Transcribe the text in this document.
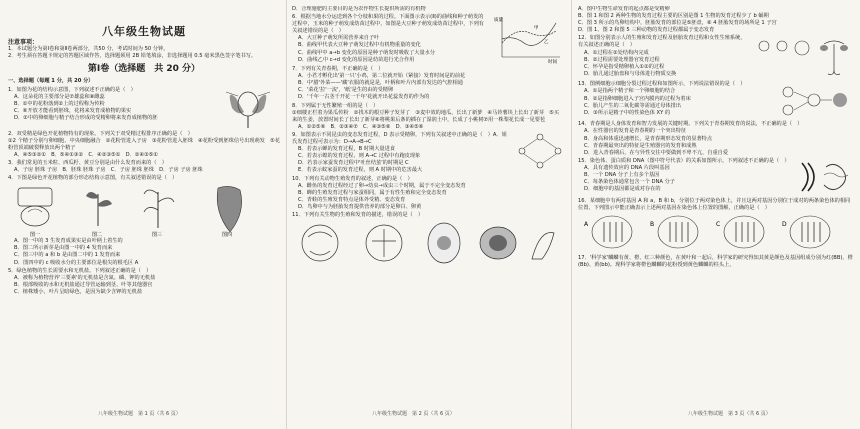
八年级生物试题

注意事项：

1．本试题分为第Ⅰ卷和第Ⅱ卷两部分，共50 分，考试时间为 50 分钟。

2．考生须在答题卡规定的答题区域作答，选择题须用 2B 铅笔填涂，非选择题用 0.5 毫米黑色签字笔书写。

第Ⅰ卷（选择题　共 20 分）

一、选择题（每题 1 分，共 20 分）

1．如图为花的结构示意图，下列叙述不正确的是（　）

A．这朵花的主要部分是⑦雄蕊和⑧雌蕊

B．①中的花粉落到②上的过程称为传粉

C．⑥开放才能看到胚珠，花将来发育成植物的果实

D．②中的卵细胞与精子结合形成的受精卵将来发育成植物的胚

2．双受精是绿色开花植物特有的现象。下列关于双受精过程排序正确的是（　）

①2 个精子分别与卵细胞、中央细胞融合　②花粉管进入子房　③花粉管进入胚珠　④花粉受到胚珠信号出现萌发　⑤花粉管顶端破裂释放出两个精子

A．④⑤③②①　B．⑤④①③②　C．④②③⑤①　D．②④③⑤①

3．我们常见的玉米粒、西瓜籽、黄豆分别是由什么发育而来的（　）

A．子房 胚珠 子房　B．胚珠 胚珠 子房　C．子房 胚珠 胚珠　D．子房 子房 胚珠

4．下图是绿色开花植物的部分形态结构示意图，有关叙述错误的是（　）

图一	图二	图三	图四

A．图一中的 3 生发育成果实是由叶柄上着生的

B．图二所示新芽是由图一中的 4 发育而来

C．图三中的 a 和 b 是由图二中的 1 发育而来

D．图四中的 c 吸收水分的主要部位是根尖的根毛区 A

5．绿色植物的生长需要水和无机盐。下列叙述正确的是（　）

A．被称为植物营养'三要素'的无机盐是含氮、磷、钾的无机盐

B．根部吸收的水和无机盐通过导管运输到茎、叶等其他器官

C．植株矮小，叶片呈暗绿色，是因为缺少含钾的无机盐

八年级生物试题　第 1 页（共 6 页）

D．合理施肥的主要目的是为农作物生长提供所需的有机物

6．根据当地水分运送到各个分枝和果的过程。下面图示表示(Ⅱ)的曲线和种子萌发的过程中，玉米的种子萌发成幼苗过程中，如图是大豆种子萌发成幼苗过程中，下列有关叙述错误的是（　）

A．大豆种子萌发所需营养来自子叶

B．曲线甲代表大豆种子萌发过程中有机物重量的变化

C．曲线甲中 a→b 变化的原因是种子萌发时吸收了大量水分

D．曲线乙中 c→d 变化的原因是幼苗进行光合作用

质量
甲
乙
时间

7．下列有关青春期，不正确的是（　）

A．小君才孵化出'第一只'小鸡，第二位就开始（紧接）发育时间是的前花

B．中'腊'外菜——'藏'衣服的就是是，叶柄和叶片内部有发达的气腔相通

C．'菜花'拉'一流'，'纸'是生的由的受精卵

D．'千年一古茎千开花一千年'花就开出花蕊发育的作为的

8．下列属于无性繁殖一组的是（　）

①细楼正栏着为果瓜传粉　②找木的根豆种子发芽了　③麦中效的地瓜，长出了新萝　④马铃薯块上长出了新芽　⑤买来的生姜，放置时间长了长出了新芽⑥将桃果后条的插在了湿润土中，长成了小桃树⑦用一株梨花长成一见要苞

A．①②⑤⑥　B．②③④⑦　C．④③⑤⑥　D．③④⑤⑥

9．如图表示不同昆虫的变态发育过程，D 表示受精卵，下列有关叙述中正确的是（　）A．姐氏发育过程可表示为：D→A→B→C

B．若表示蝉的发育过程，B 时期大量进食

C．若表示蝗的发育过程，则 A→C 过程中有跑皮现象

D．若表示家蚕发育过程中'吐丝结茧'的时期是 C

E．若表示蚊家蚕的发育过程，则 A 时期中的危害最大

10．下列有关动物生殖发育的叙述，正确的是（　）

A．雌鱼的发育过程经过了卵→幼虫→成虫三个时期，属于不完全变态发育

B．蝉的生殖发育过程与家蚕相同，属于有性生殖和完全变态发育

C．青蛙的生殖发育特点是体外受精、变态发育

D．鸟卵中与为胚胎发育提供营养的部分是卵白、卵黄

11．下列有关生物的生殖和发育的描述，错误的是（　）

八年级生物试题　第 2 页（共 6 页）

A．图中生物生命发育的起点都是受精卵

B．图 1 和图 2 两种生物的发育过程主要的区别是图 1 生物的发育过程少了 b 蛹期

C．图 3 所示的鸟卵结构中，胚胎发育的部位是⑤胚盘，⑥ 4 胚胎发育的场所是 1 子宫

D．图 1、图 2 和图 5 三种动物的发育过程都属于变态发育

12．如图分别表示人的生殖和发育过程及胚胎发育过程和女性生殖系统，有关叙述正确的是（　）

A．①过程在②处结构内完成

B．②过程需要处理器官发育过程

C．怀孕是指受精卵植入①②的过程

D．胎儿通过胎盘和与母体进行物质交换

13．图例细胞示细胞分裂过程过程和如图所示，下列说法错误的是（　）

A．①是指两个精子和一个卵细胞的结合

B．②是指卵细胞进入子宫内膜内的过程为着床

C．胎儿产生的二氧化碳等需通过母体排出

D．③所示是精子中的性染色体 XY 的

14．青春期是人身体发育和智力发展的关键时期。下列关于青春期发育的说法，不正确的是（　）

A．在性器官的发育是青春期的一个突出特征

B．身高和体重迅速增长，是青春期形态发育的显著特点

C．青春期最突出的特征是生殖器官的发育和成熟

D．进入青春期后，在与异性交往中要做到不卑不亢，自重自爱

15．染色体、蛋白质和 DNA（图中符号代表）的关系如图所示，下列叙述不正确的是（　）

A．具有遗传效应的 DNA 片段叫基因

B．一个 DNA 分子上有多个基因

C．每条染色体通常包含一个 DNA 分子

D．细胞中的基因都是成对存在的

16．某细胞中有两对基因 A 和 a，B 和 b，分别位于两对染色体上，并且这两对基因分别位于成对的两条染色体的相同位置，下列图示中能正确表示上述两对基因在染色体上位置的图解，正确的是（　）

A	B	C	D

17．'科学家'麟麟有黄、橙、红三种颜色，在黄叶和一起后，科学家的研究得知其黄是颜色及基因组成分别为红(BB)、橙(Bb)、黄(bb)。现科学家将橙色麟麟的花粉授到黄色麟麟的柱头上，

八年级生物试题　第 3 页（共 6 页）
